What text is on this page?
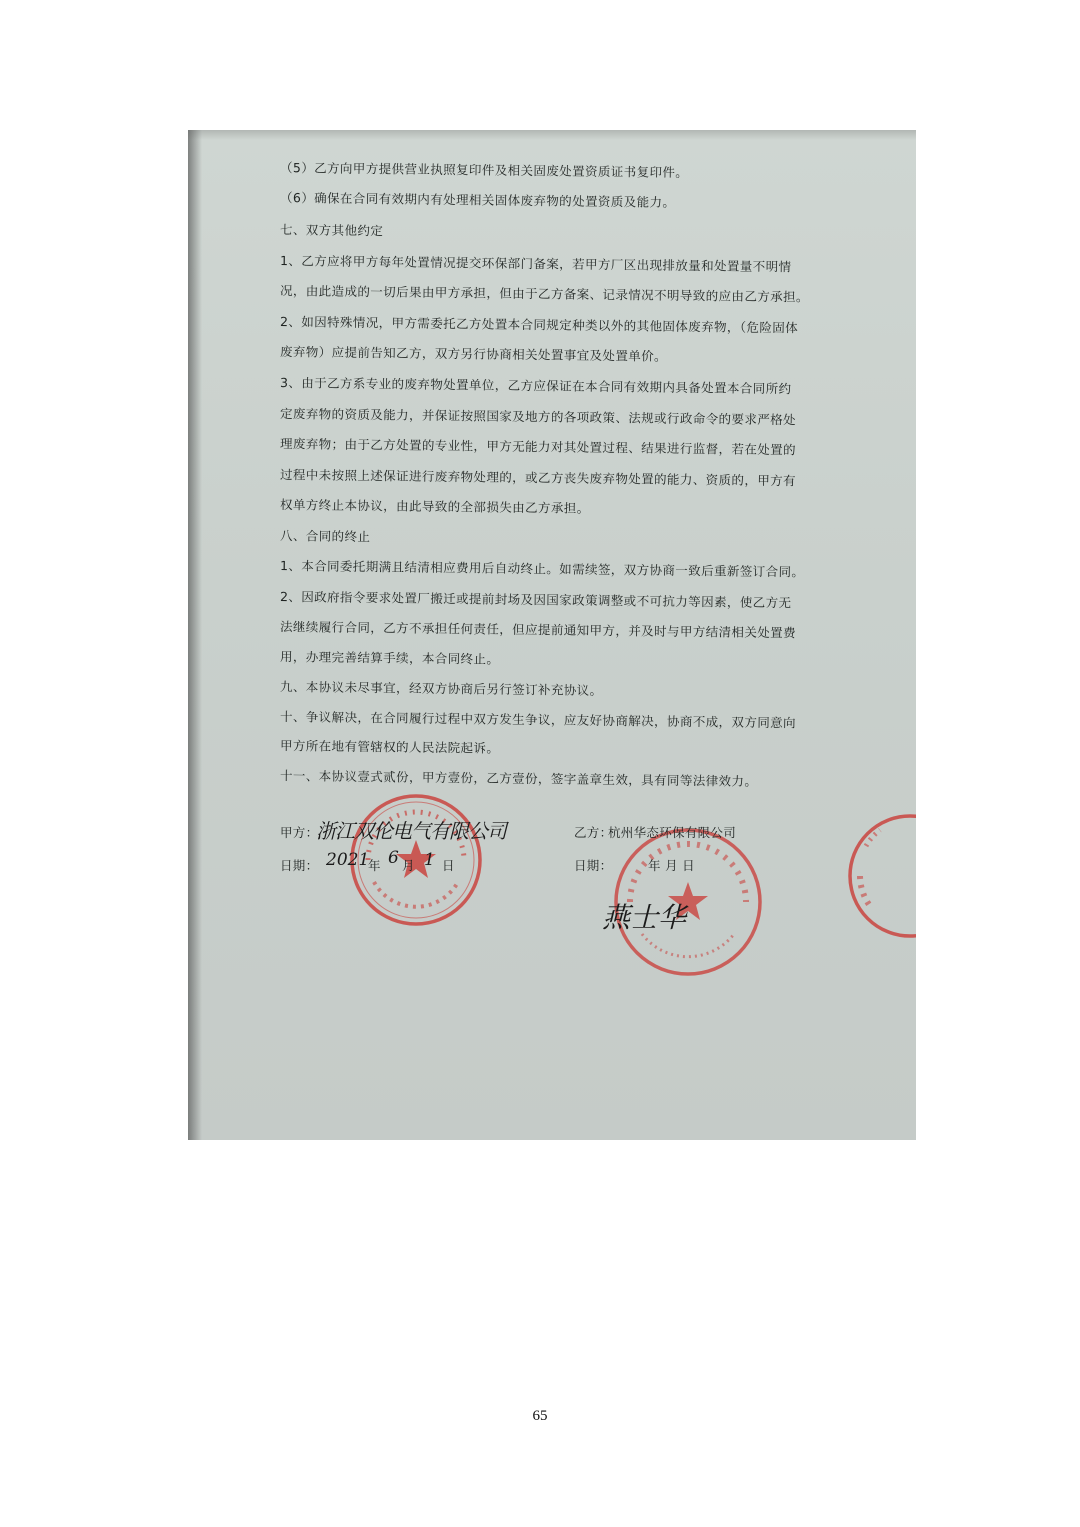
（5）乙方向甲方提供营业执照复印件及相关固废处置资质证书复印件。
（6）确保在合同有效期内有处理相关固体废弃物的处置资质及能力。
七、双方其他约定
1、乙方应将甲方每年处置情况提交环保部门备案，若甲方厂区出现排放量和处置量不明情
况，由此造成的一切后果由甲方承担，但由于乙方备案、记录情况不明导致的应由乙方承担。
2、如因特殊情况，甲方需委托乙方处置本合同规定种类以外的其他固体废弃物，（危险固体
废弃物）应提前告知乙方，双方另行协商相关处置事宜及处置单价。
3、由于乙方系专业的废弃物处置单位，乙方应保证在本合同有效期内具备处置本合同所约
定废弃物的资质及能力，并保证按照国家及地方的各项政策、法规或行政命令的要求严格处
理废弃物；由于乙方处置的专业性，甲方无能力对其处置过程、结果进行监督，若在处置的
过程中未按照上述保证进行废弃物处理的，或乙方丧失废弃物处置的能力、资质的，甲方有
权单方终止本协议，由此导致的全部损失由乙方承担。
八、合同的终止
1、本合同委托期满且结清相应费用后自动终止。如需续签，双方协商一致后重新签订合同。
2、因政府指令要求处置厂搬迁或提前封场及因国家政策调整或不可抗力等因素，使乙方无
法继续履行合同，乙方不承担任何责任，但应提前通知甲方，并及时与甲方结清相关处置费
用，办理完善结算手续，本合同终止。
九、本协议未尽事宜，经双方协商后另行签订补充协议。
十、争议解决，在合同履行过程中双方发生争议，应友好协商解决，协商不成，双方同意向
甲方所在地有管辖权的人民法院起诉。
十一、本协议壹式贰份，甲方壹份，乙方壹份，签字盖章生效，具有同等法律效力。
甲方：
浙江双伦电气有限公司
日期： 2021
年 6 月 1 日
乙方：
杭州华态环保有限公司
日期：	年 月 日
燕士华
65
